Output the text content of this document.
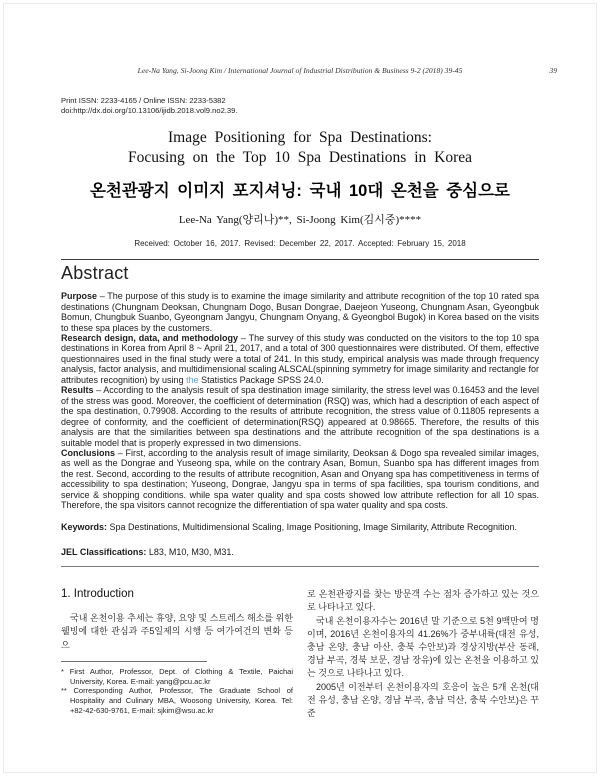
Lee-Na Yang, Si-Joong Kim / International Journal of Industrial Distribution & Business 9-2 (2018) 39-45	39
Print ISSN: 2233-4165 / Online ISSN: 2233-5382
doi:http://dx.doi.org/10.13106/ijidb.2018.vol9.no2.39.
Image Positioning for Spa Destinations:
Focusing on the Top 10 Spa Destinations in Korea
온천관광지 이미지 포지셔닝: 국내 10대 온천을 중심으로
Lee-Na Yang(양리나)**, Si-Joong Kim(김시중)****
Received: October 16, 2017. Revised: December 22, 2017. Accepted: February 15, 2018
Abstract

Purpose – The purpose of this study is to examine the image similarity and attribute recognition of the top 10 rated spa destinations (Chungnam Deoksan, Chungnam Dogo, Busan Dongrae, Daejeon Yuseong, Chungnam Asan, Gyeongbuk Bomun, Chungbuk Suanbo, Gyeongnam Jangyu, Chungnam Onyang, & Gyeongbol Bugok) in Korea based on the visits to these spa places by the customers.

Research design, data, and methodology – The survey of this study was conducted on the visitors to the top 10 spa destinations in Korea from April 8 ~ April 21, 2017, and a total of 300 questionnaires were distributed. Of them, effective questionnaires used in the final study were a total of 241. In this study, empirical analysis was made through frequency analysis, factor analysis, and multidimensional scaling ALSCAL(spinning symmetry for image similarity and rectangle for attributes recognition) by using the Statistics Package SPSS 24.0.

Results – According to the analysis result of spa destination image similarity, the stress level was 0.16453 and the level of the stress was good. Moreover, the coefficient of determination (RSQ) was, which had a description of each aspect of the spa destination, 0.79908. According to the results of attribute recognition, the stress value of 0.11805 represents a degree of conformity, and the coefficient of determination(RSQ) appeared at 0.98665. Therefore, the results of this analysis are that the similarities between spa destinations and the attribute recognition of the spa destinations is a suitable model that is properly expressed in two dimensions.

Conclusions – First, according to the analysis result of image similarity, Deoksan & Dogo spa revealed similar images, as well as the Dongrae and Yuseong spa, while on the contrary Asan, Bomun, Suanbo spa has different images from the rest. Second, according to the results of attribute recognition, Asan and Onyang spa has competitiveness in terms of accessibility to spa destination; Yuseong, Dongrae, Jangyu spa in terms of spa facilities, spa tourism conditions, and service & shopping conditions. while spa water quality and spa costs showed low attribute reflection for all 10 spas. Therefore, the spa visitors cannot recognize the differentiation of spa water quality and spa costs.

Keywords: Spa Destinations, Multidimensional Scaling, Image Positioning, Image Similarity, Attribute Recognition.
JEL Classifications: L83, M10, M30, M31.
1. Introduction

국내 온천이용 추세는 휴양, 요양 및 스트레스 해소를 위한 웰빙에 대한 관심과 주5일제의 시행 등 여가여건의 변화 등으

* First Author, Professor, Dept. of Clothing & Textile, Paichai University, Korea. E-mail: yang@pcu.ac.kr

** Corresponding Author, Professor, The Graduate School of Hospitality and Culinary MBA, Woosong University, Korea. Tel: +82-42-630-9761, E-mail: sjkim@wsu.ac.kr

로 온천관광지를 찾는 방문객 수는 점차 증가하고 있는 것으로 나타나고 있다.

국내 온천이용자수는 2016년 말 기준으로 5천 9백만여 명이며, 2016년 온천이용자의 41.26%가 중부내륙(대전 유성, 충남 온양, 충남 아산, 충북 수안보)과 경상지방(부산 동래, 경남 부곡, 경북 보문, 경남 장유)에 있는 온천을 이용하고 있는 것으로 나타나고 있다.

2005년 이전부터 온천이용자의 호응이 높은 5개 온천(대전 유성, 충남 온양, 경남 부곡, 충남 덕산, 충북 수안보)은 꾸준
